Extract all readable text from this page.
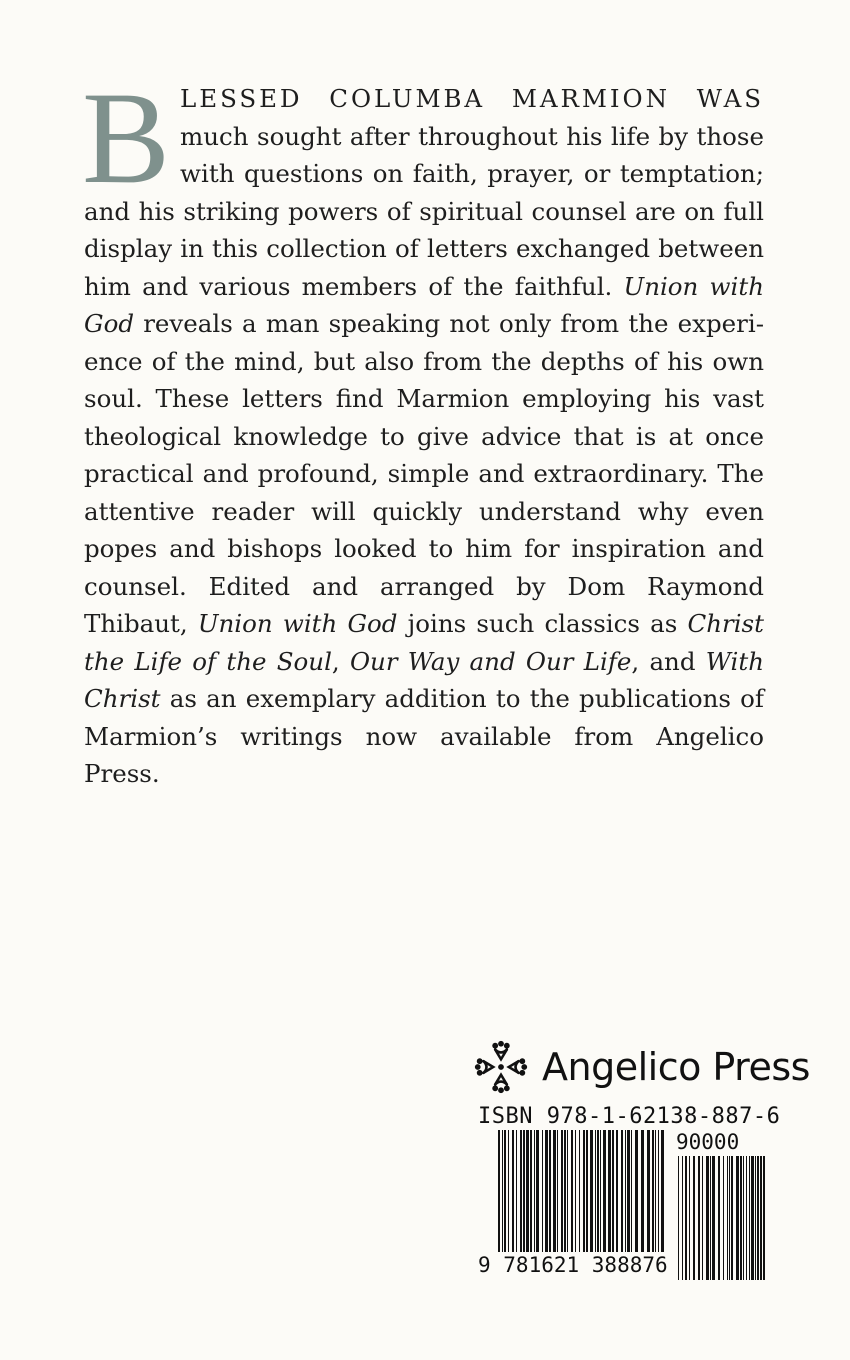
BLESSED COLUMBA MARMION WAS much sought after throughout his life by those with questions on faith, prayer, or temptation; and his striking powers of spiritual counsel are on full display in this collection of letters exchanged between him and various members of the faithful. Union with God reveals a man speaking not only from the experience of the mind, but also from the depths of his own soul. These letters find Marmion employing his vast theological knowledge to give advice that is at once practical and profound, simple and extraordinary. The attentive reader will quickly understand why even popes and bishops looked to him for inspiration and counsel. Edited and arranged by Dom Raymond Thibaut, Union with God joins such classics as Christ the Life of the Soul, Our Way and Our Life, and With Christ as an exemplary addition to the publications of Marmion’s writings now available from Angelico Press.

Angelico Press
ISBN 978-1-62138-887-6
90000
9 781621 388876
